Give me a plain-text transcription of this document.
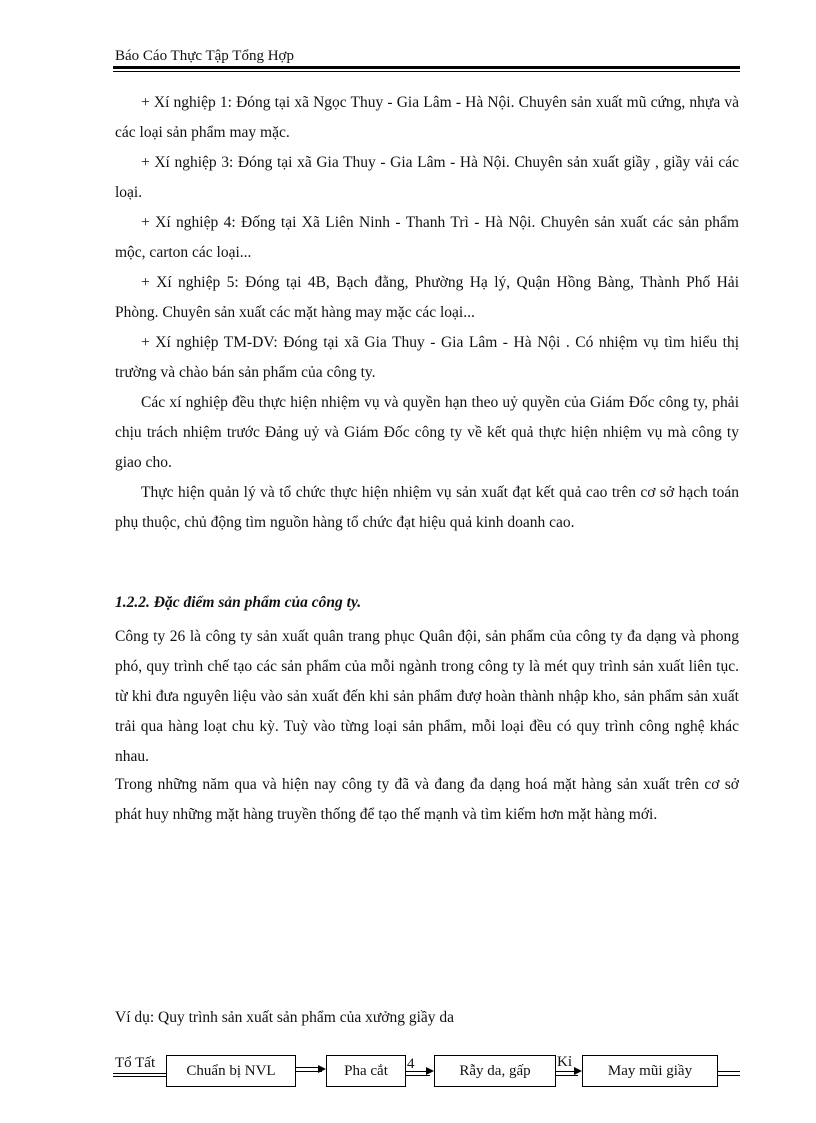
Báo Cáo Thực Tập Tổng Hợp
+ Xí nghiệp 1: Đóng tại xã Ngọc Thuy - Gia Lâm - Hà Nội. Chuyên sản xuất mũ cứng, nhựa và các loại sản phẩm may mặc.
+ Xí nghiệp 3: Đóng tại xã Gia Thuy - Gia Lâm - Hà Nội. Chuyên sản xuất giầy , giầy vải các loại.
+ Xí nghiệp 4: Đống tại Xã Liên Ninh - Thanh Trì - Hà Nội. Chuyên sản xuất các sản phẩm mộc, carton các loại...
+ Xí nghiệp 5: Đóng tại 4B, Bạch đằng, Phường Hạ lý, Quận Hồng Bàng, Thành Phố Hải Phòng. Chuyên sản xuất các mặt hàng may mặc các loại...
+ Xí nghiệp TM-DV: Đóng tại xã Gia Thuy - Gia Lâm - Hà Nội . Có nhiệm vụ tìm hiểu thị trường và chào bán sản phẩm của công ty.
Các xí nghiệp đều thực hiện nhiệm vụ và quyền hạn theo uỷ quyền của Giám Đốc công ty, phải chịu trách nhiệm trước Đảng uỷ và Giám Đốc công ty về kết quả thực hiện nhiệm vụ mà công ty giao cho.
Thực hiện quản lý và tổ chức thực hiện nhiệm vụ sản xuất đạt kết quả cao trên cơ sở hạch toán phụ thuộc, chủ động tìm nguồn hàng tổ chức đạt hiệu quả kinh doanh cao.
1.2.2. Đặc điểm sản phẩm của công ty.
Công ty 26 là công ty sản xuất quân trang phục Quân đội, sản phẩm của công ty đa dạng và phong phó, quy trình chế tạo các sản phẩm của mỗi ngành trong công ty là mét quy trình sản xuất liên tục. từ khi đưa nguyên liệu vào sản xuất đến khi sản phẩm đượ hoàn thành nhập kho, sản phẩm sản xuất trải qua hàng loạt chu kỳ. Tuỳ vào từng loại sản phẩm, mỗi loại đều có quy trình công nghệ khác nhau.
Trong những năm qua và hiện nay công ty đã và đang đa dạng hoá mặt hàng sản xuất trên cơ sở phát huy những mặt hàng truyền thống để tạo thế mạnh và tìm kiếm hơn mặt hàng mới.
Ví dụ: Quy trình sản xuất sản phẩm của xưởng giầy da
Tổ Tất	Chuẩn bị NVL	Pha cắt	4	Rẫy da, gấp
Kỉ
May mũi giầy
